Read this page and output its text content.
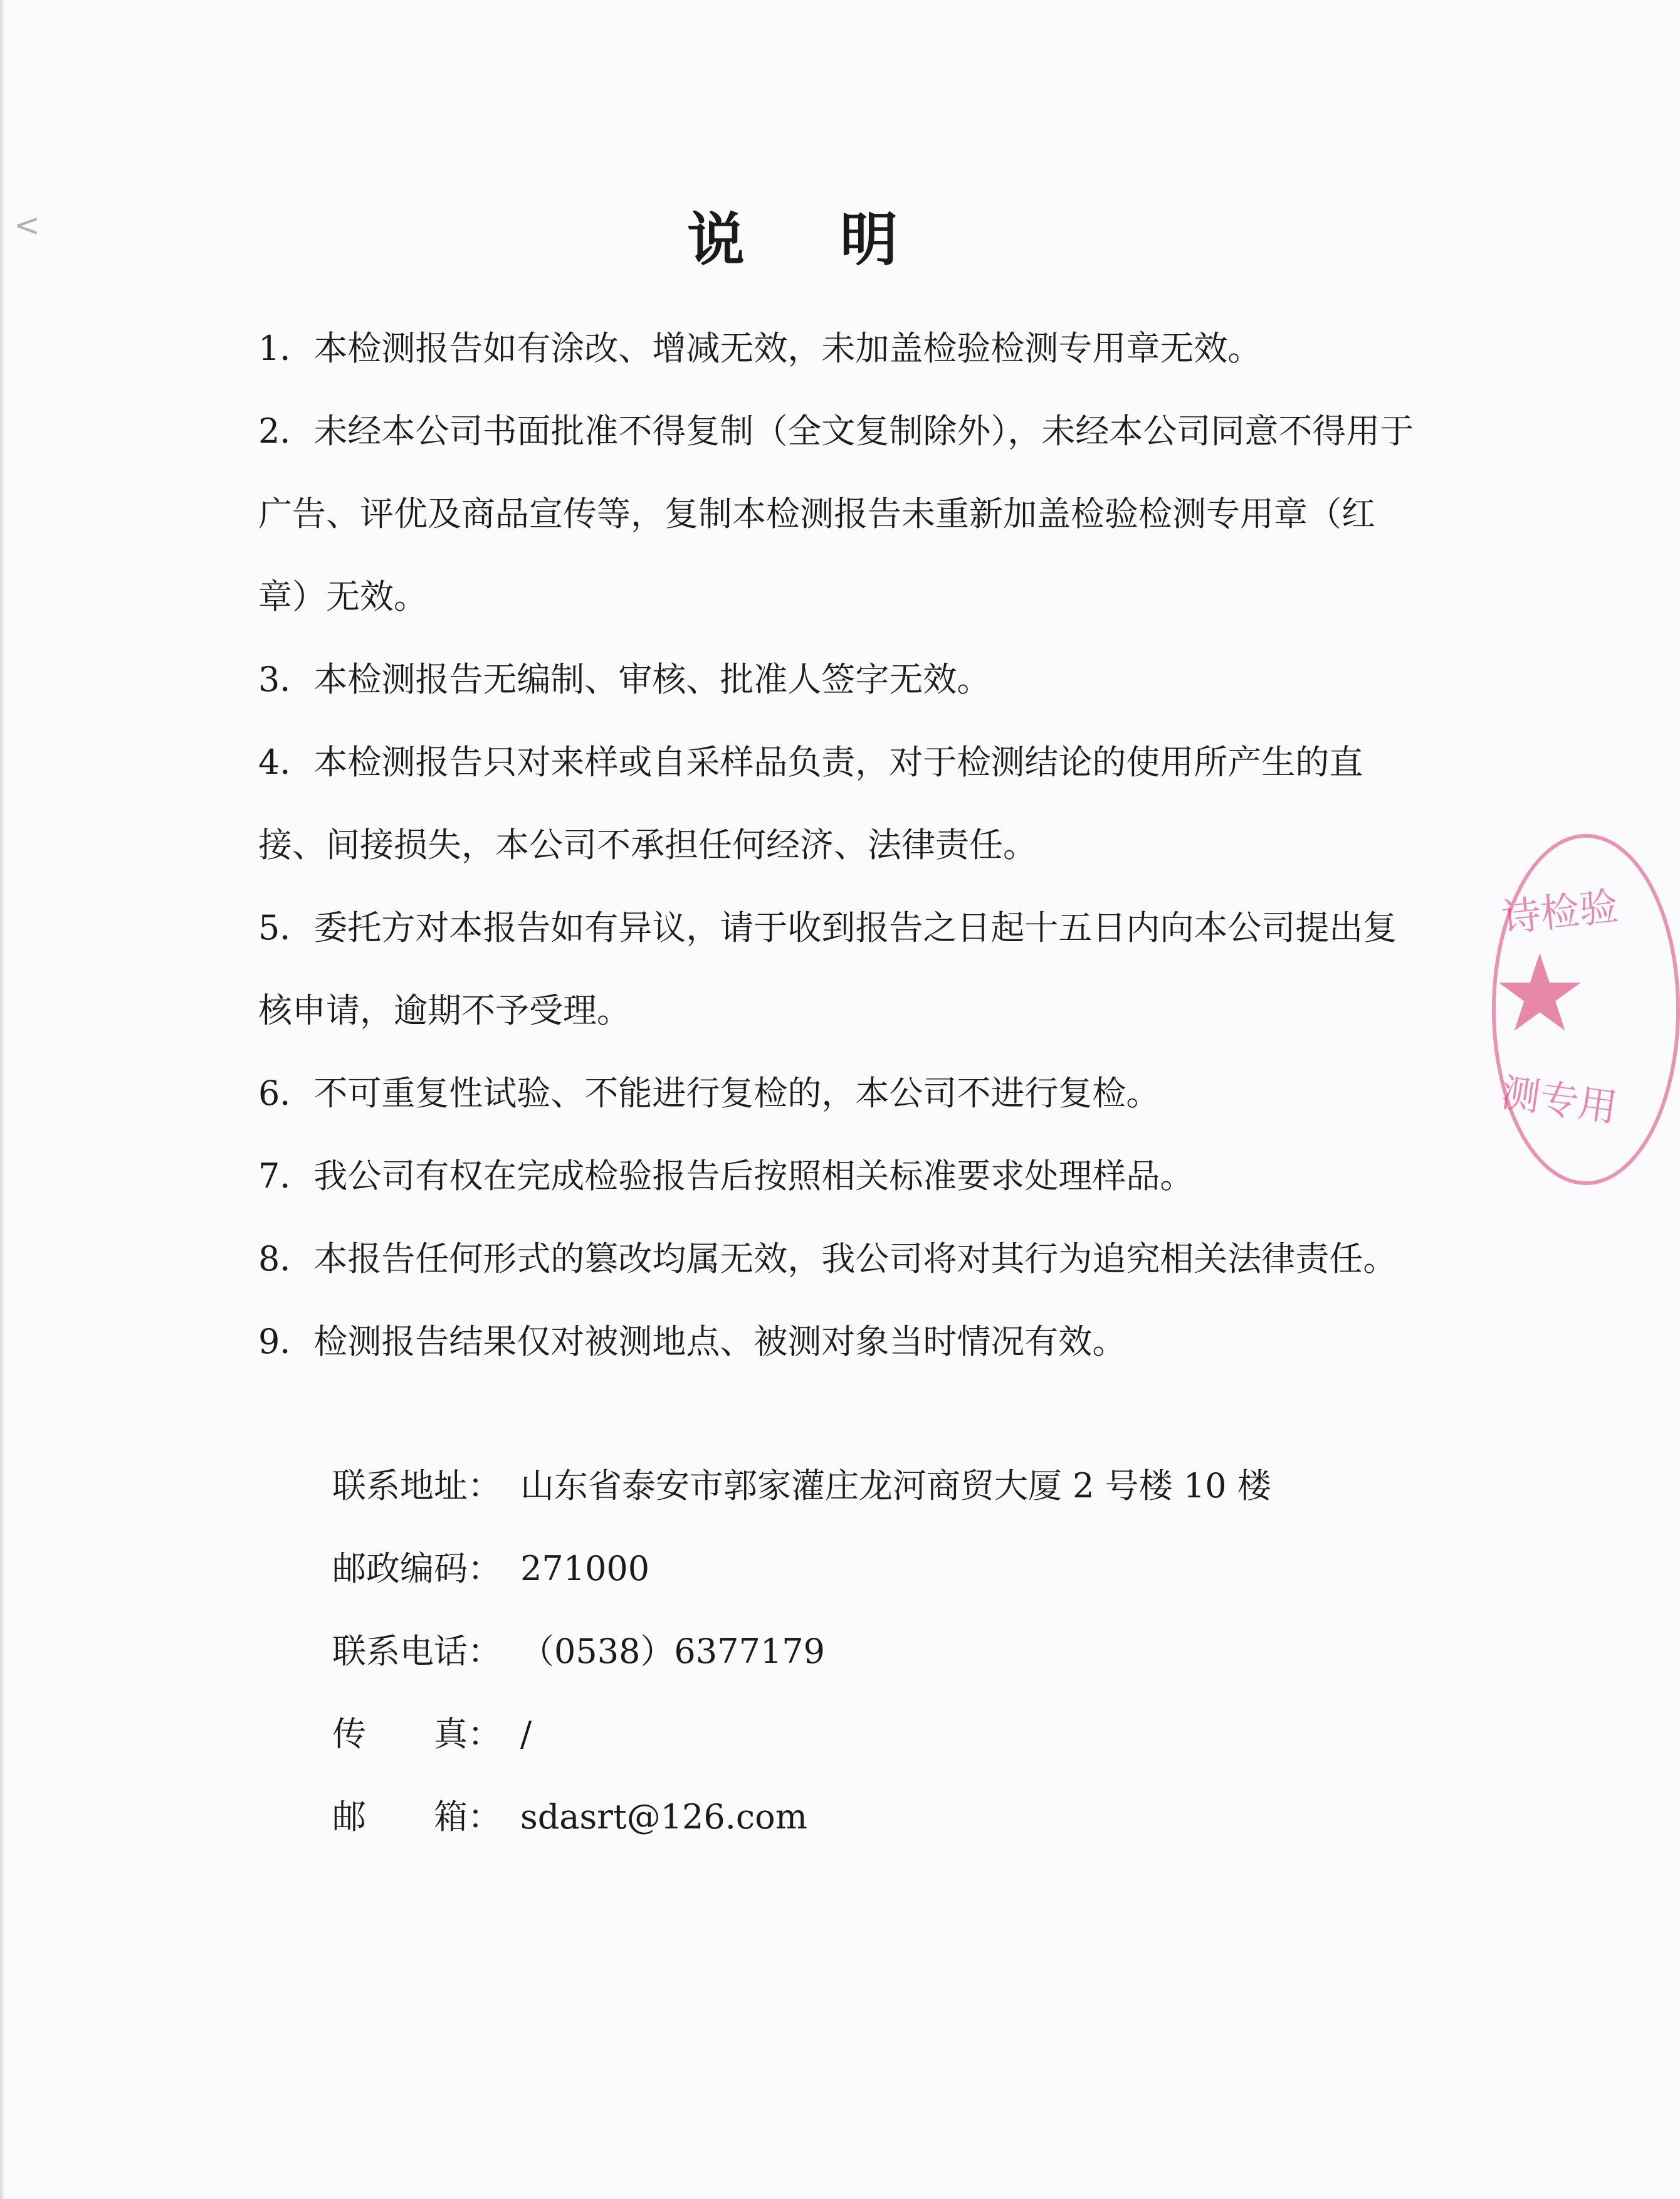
<	说 明

1．本检测报告如有涂改、增减无效，未加盖检验检测专用章无效。

2．未经本公司书面批准不得复制（全文复制除外），未经本公司同意不得用于广告、评优及商品宣传等，复制本检测报告未重新加盖检验检测专用章（红章）无效。

3．本检测报告无编制、审核、批准人签字无效。

4．本检测报告只对来样或自采样品负责，对于检测结论的使用所产生的直接、间接损失，本公司不承担任何经济、法律责任。

5．委托方对本报告如有异议，请于收到报告之日起十五日内向本公司提出复核申请，逾期不予受理。

6．不可重复性试验、不能进行复检的，本公司不进行复检。

7．我公司有权在完成检验报告后按照相关标准要求处理样品。

8．本报告任何形式的篡改均属无效，我公司将对其行为追究相关法律责任。

9．检测报告结果仅对被测地点、被测对象当时情况有效。

联系地址： 山东省泰安市郭家灌庄龙河商贸大厦 2 号楼 10 楼
邮政编码： 271000
联系电话： （0538）6377179
传　　真： /
邮　　箱： sdasrt@126.com
诗检验
★
测专用
